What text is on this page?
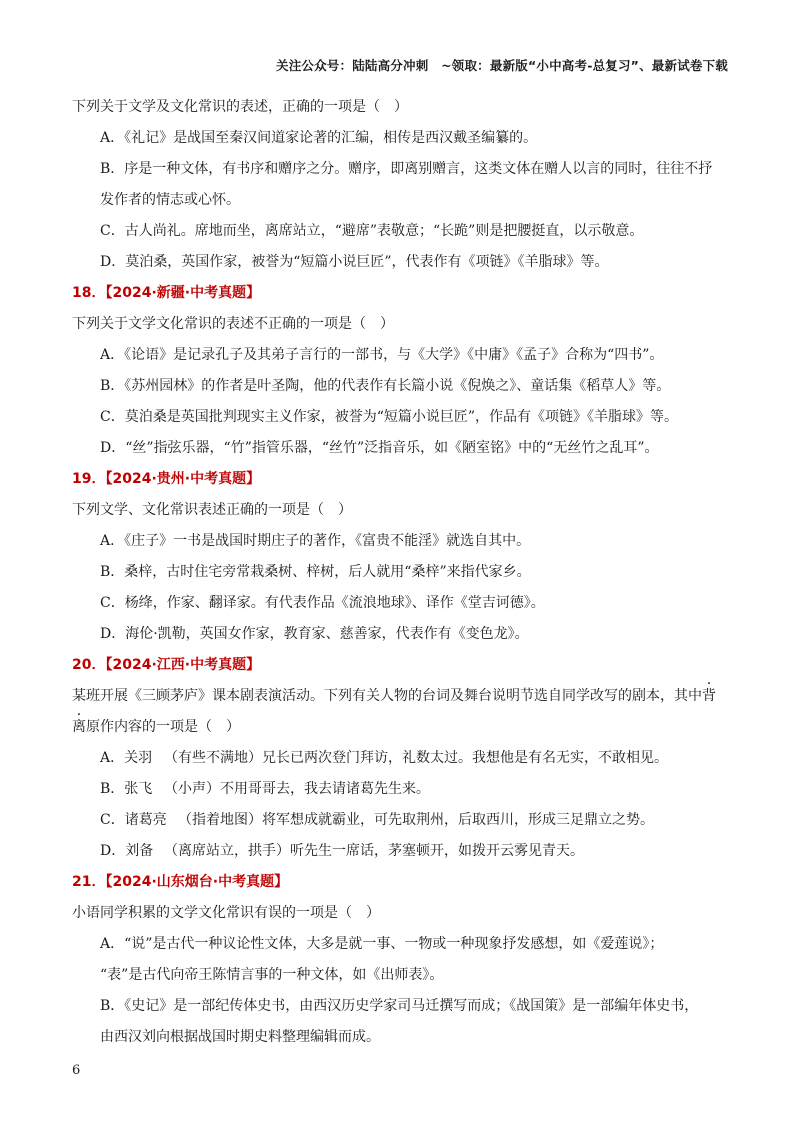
关注公众号：陆陆高分冲刺　~领取：最新版“小中高考-总复习”、最新试卷下载

下列关于文学及文化常识的表述，正确的一项是（　）

A．《礼记》是战国至秦汉间道家论著的汇编，相传是西汉戴圣编纂的。

B．序是一种文体，有书序和赠序之分。赠序，即离别赠言，这类文体在赠人以言的同时，往往不抒

发作者的情志或心怀。

C．古人尚礼。席地而坐，离席站立，“避席”表敬意；“长跪”则是把腰挺直，以示敬意。

D．莫泊桑，英国作家，被誉为“短篇小说巨匠”，代表作有《项链》《羊脂球》等。

18．【2024·新疆·中考真题】

下列关于文学文化常识的表述不正确的一项是（　）

A．《论语》是记录孔子及其弟子言行的一部书，与《大学》《中庸》《孟子》合称为“四书”。

B．《苏州园林》的作者是叶圣陶，他的代表作有长篇小说《倪焕之》、童话集《稻草人》等。

C．莫泊桑是英国批判现实主义作家，被誉为“短篇小说巨匠”，作品有《项链》《羊脂球》等。

D．“丝”指弦乐器，“竹”指管乐器，“丝竹”泛指音乐，如《陋室铭》中的“无丝竹之乱耳”。

19．【2024·贵州·中考真题】

下列文学、文化常识表述正确的一项是（　）

A．《庄子》一书是战国时期庄子的著作，《富贵不能淫》就选自其中。

B．桑梓，古时住宅旁常栽桑树、梓树，后人就用“桑梓”来指代家乡。

C．杨绛，作家、翻译家。有代表作品《流浪地球》、译作《堂吉诃德》。

D．海伦·凯勒，英国女作家，教育家、慈善家，代表作有《变色龙》。

20．【2024·江西·中考真题】

某班开展《三顾茅庐》课本剧表演活动。下列有关人物的台词及舞台说明节选自同学改写的剧本，其中背

离原作内容的一项是（　）

A．关羽 （有些不满地）兄长已两次登门拜访，礼数太过。我想他是有名无实，不敢相见。

B．张飞 （小声）不用哥哥去，我去请诸葛先生来。

C．诸葛亮 （指着地图）将军想成就霸业，可先取荆州，后取西川，形成三足鼎立之势。

D．刘备 （离席站立，拱手）听先生一席话，茅塞顿开，如拨开云雾见青天。

21．【2024·山东烟台·中考真题】

小语同学积累的文学文化常识有误的一项是（　）

A．“说”是古代一种议论性文体，大多是就一事、一物或一种现象抒发感想，如《爱莲说》；

“表”是古代向帝王陈情言事的一种文体，如《出师表》。

B．《史记》是一部纪传体史书，由西汉历史学家司马迁撰写而成；《战国策》是一部编年体史书，

由西汉刘向根据战国时期史料整理编辑而成。

6
